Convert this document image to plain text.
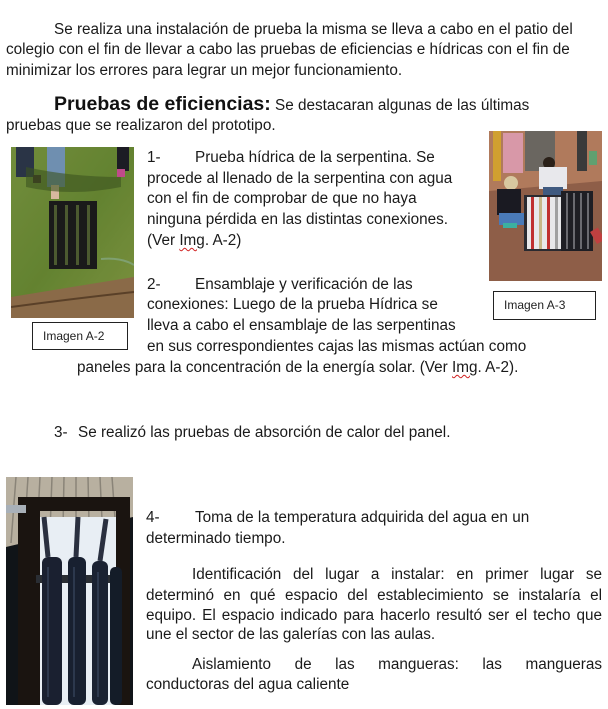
Se realiza una instalación de prueba la misma se lleva a cabo en el patio del
colegio con el fin de llevar a cabo las pruebas de eficiencias e hídricas con el fin de
minimizar los errores para legrar un mejor funcionamiento.
Pruebas de eficiencias: Se destacaran algunas de las últimas
pruebas que se realizaron del prototipo.
Imagen A-2
1- Prueba hídrica de la serpentina. Se
procede al llenado de la serpentina con agua
con el fin de comprobar de que no haya
ninguna pérdida en las distintas conexiones.
(Ver Img. A-2)
2- Ensamblaje y verificación de las
conexiones: Luego de la prueba Hídrica se
lleva a cabo el ensamblaje de las serpentinas
en sus correspondientes cajas las mismas actúan como
paneles para la concentración de la energía solar. (Ver Img. A-2).
Imagen A-3
3- Se realizó las pruebas de absorción de calor del panel.
4- Toma de la temperatura adquirida del agua en un
determinado tiempo.
Identificación del lugar a instalar: en primer lugar se
determinó en qué espacio del establecimiento se instalaría el
equipo. El espacio indicado para hacerlo resultó ser el techo que
une el sector de las galerías con las aulas.
Aislamiento de las mangueras: las mangueras
conductoras del agua caliente
